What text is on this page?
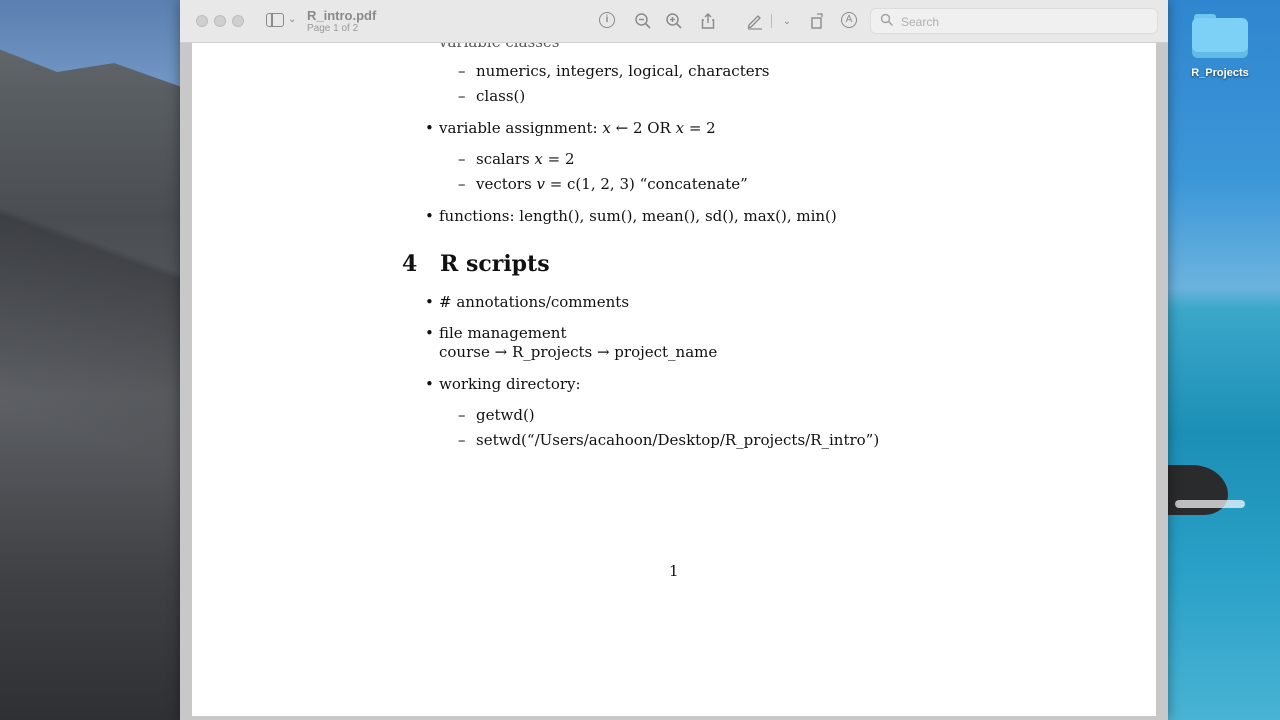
R_Projects
⌄ R_intro.pdf
Page 1 of 2
i	⌄	A
Search
– numerics, integers, logical, characters
– class()
• variable assignment: 𝑥 ← 2 OR 𝑥 = 2
– scalars 𝑥 = 2
– vectors 𝑣 = c(1, 2, 3) “concatenate”
• functions: length(), sum(), mean(), sd(), max(), min()
4 R scripts
• # annotations/comments
• file management
course → R_projects → project_name
• working directory:
– getwd()
– setwd(“/Users/acahoon/Desktop/R_projects/R_intro”)
1
